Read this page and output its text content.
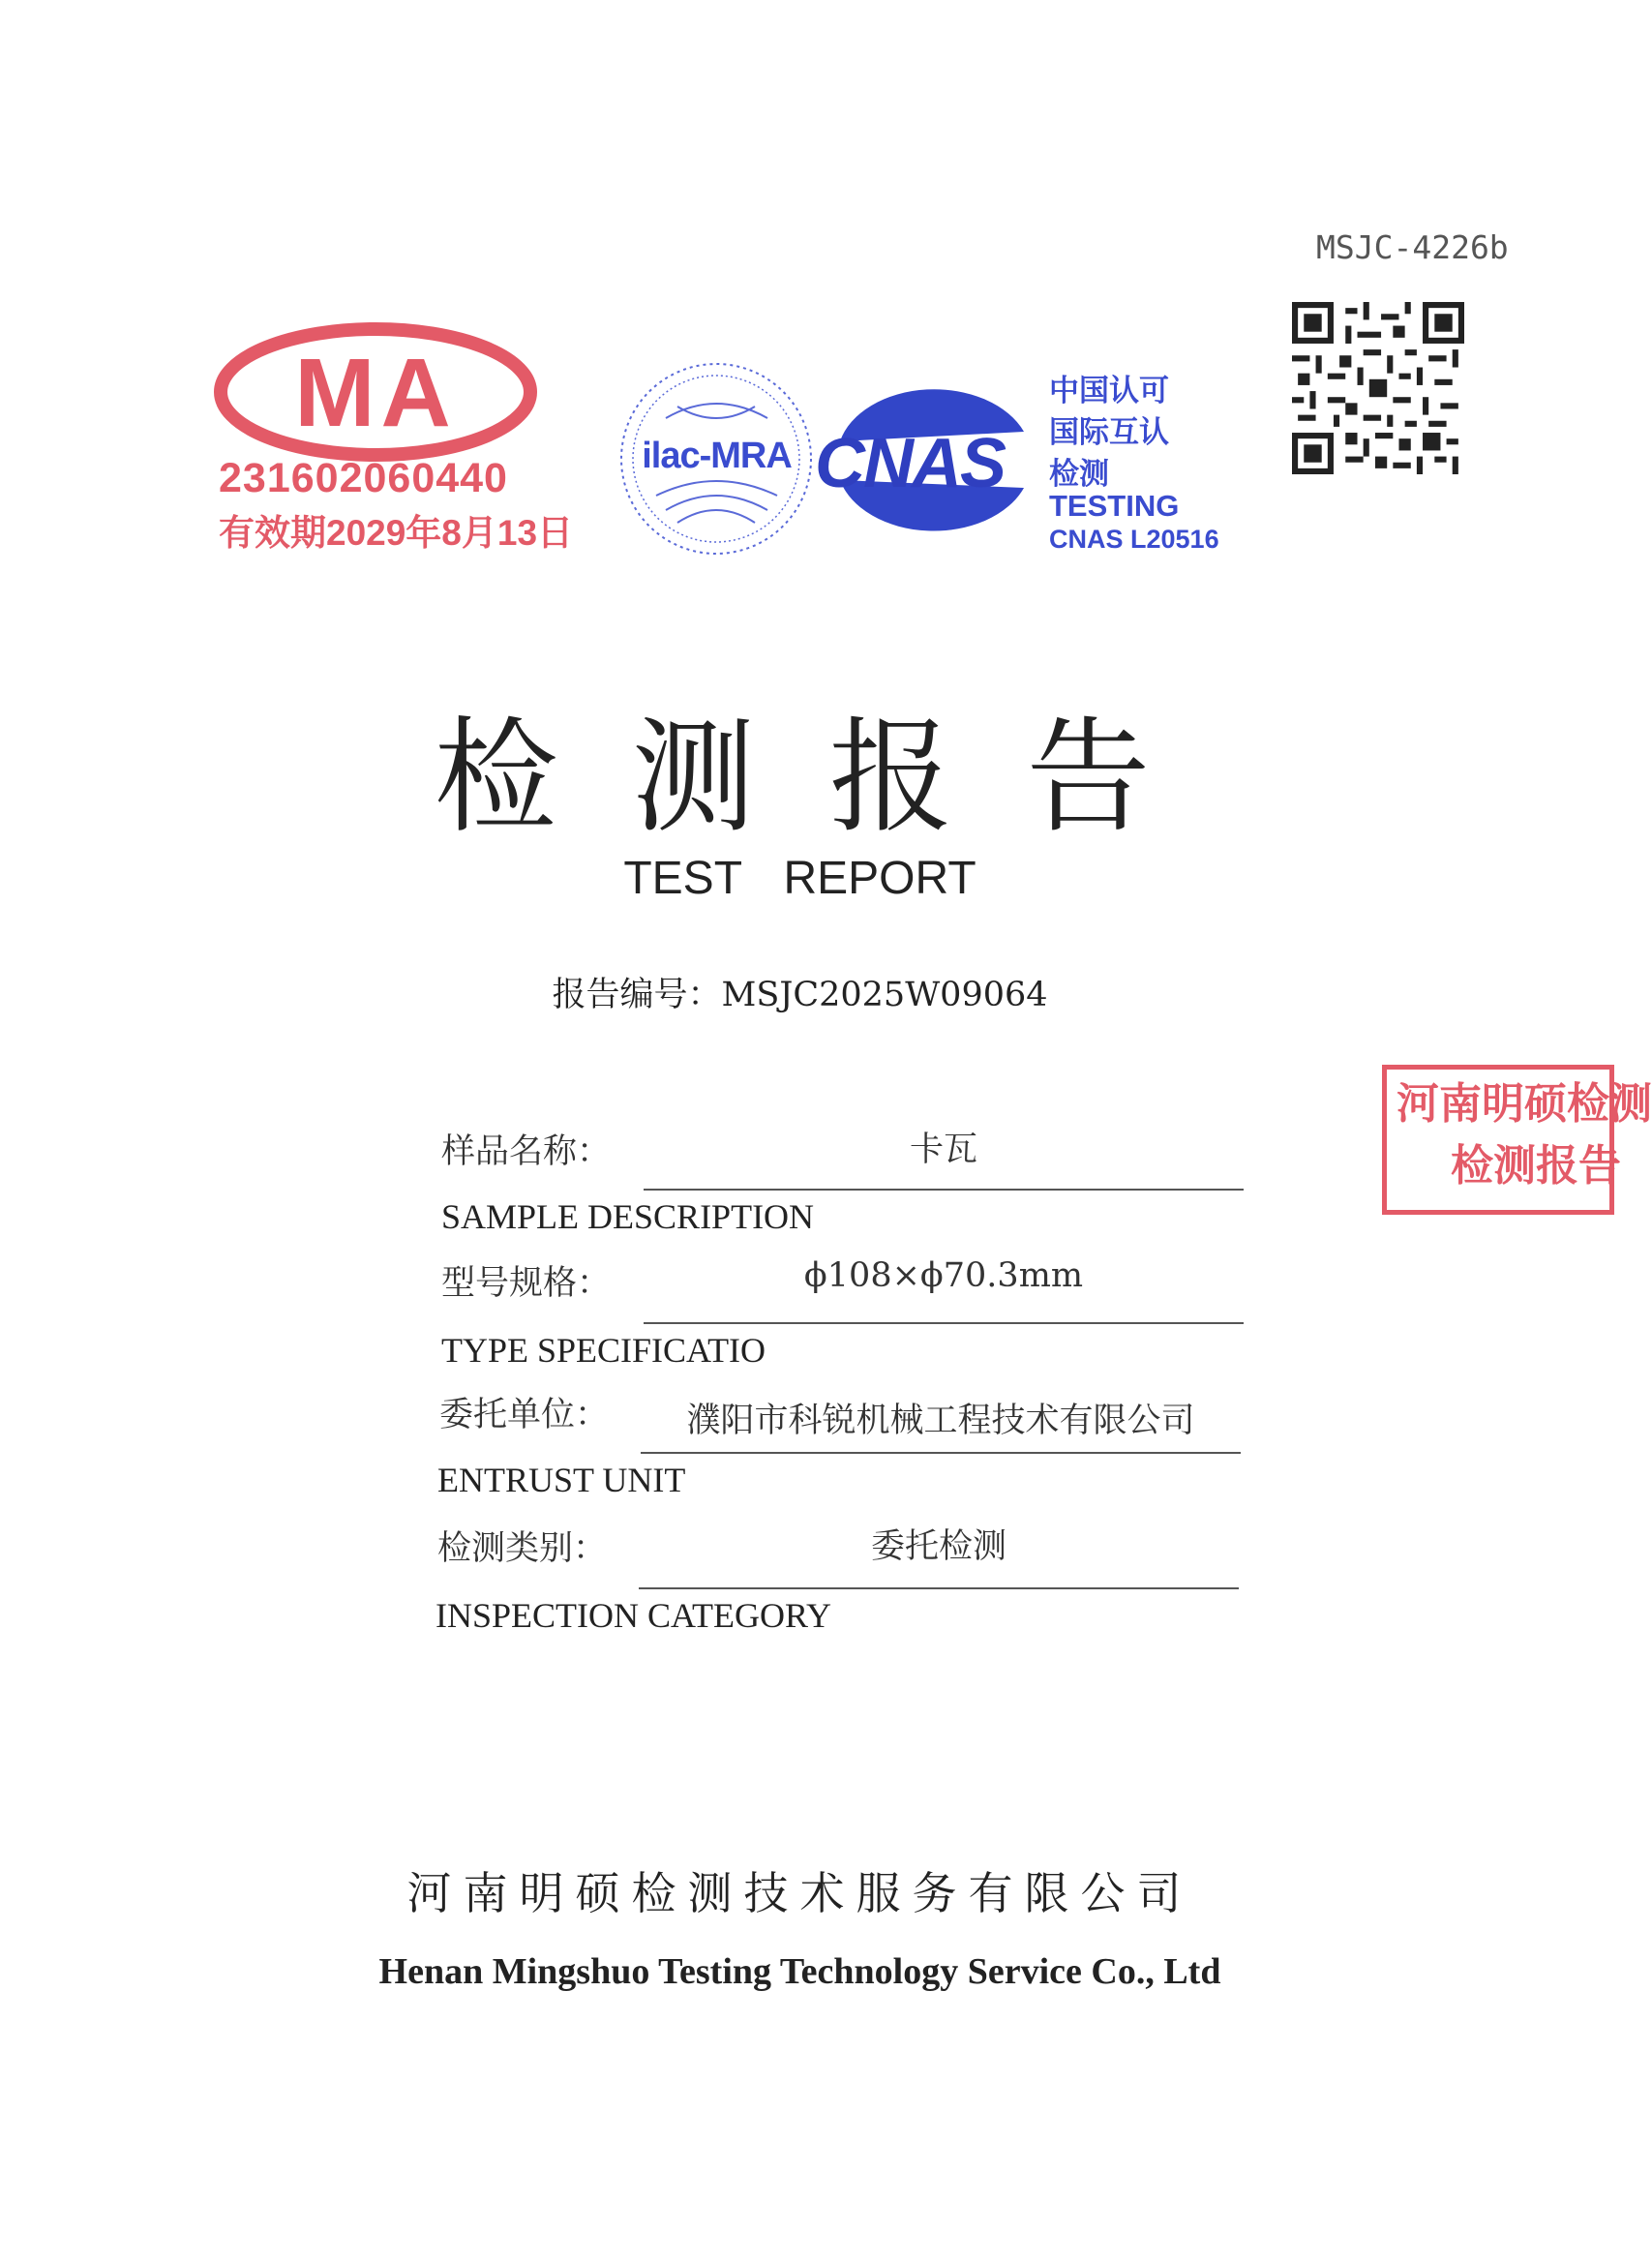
MSJC-4226b
MA
231602060440
有效期2029年8月13日
ilac-MRA CNAS
中国认可
国际互认
检测
TESTING
CNAS L20516
检测报告
TEST REPORT
报告编号：MSJC2025W09064
河南明硕检测
检测报告
样品名称：	卡瓦
SAMPLE DESCRIPTION
型号规格：	ϕ108×ϕ70.3mm
TYPE SPECIFICATIO
委托单位：	濮阳市科锐机械工程技术有限公司
ENTRUST UNIT
检测类别：	委托检测
INSPECTION CATEGORY
河南明硕检测技术服务有限公司
Henan Mingshuo Testing Technology Service Co., Ltd
